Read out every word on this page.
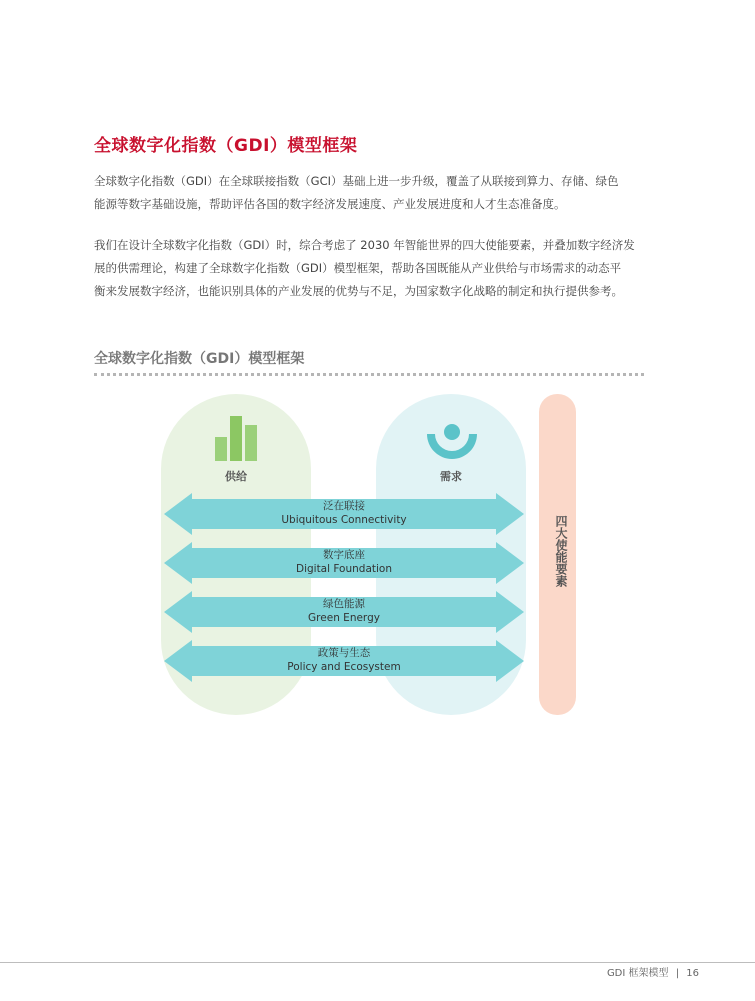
全球数字化指数（GDI）模型框架
全球数字化指数（GDI）在全球联接指数（GCI）基础上进一步升级，覆盖了从联接到算力、存储、绿色
能源等数字基础设施，帮助评估各国的数字经济发展速度、产业发展进度和人才生态准备度。
我们在设计全球数字化指数（GDI）时，综合考虑了 2030 年智能世界的四大使能要素，并叠加数字经济发
展的供需理论，构建了全球数字化指数（GDI）模型框架，帮助各国既能从产业供给与市场需求的动态平
衡来发展数字经济，也能识别具体的产业发展的优势与不足，为国家数字化战略的制定和执行提供参考。
全球数字化指数（GDI）模型框架
供给	需求
四大使能要素
泛在联接
Ubiquitous Connectivity
数字底座
Digital Foundation
绿色能源
Green Energy
政策与生态
Policy and Ecosystem
GDI 框架模型 | 16
